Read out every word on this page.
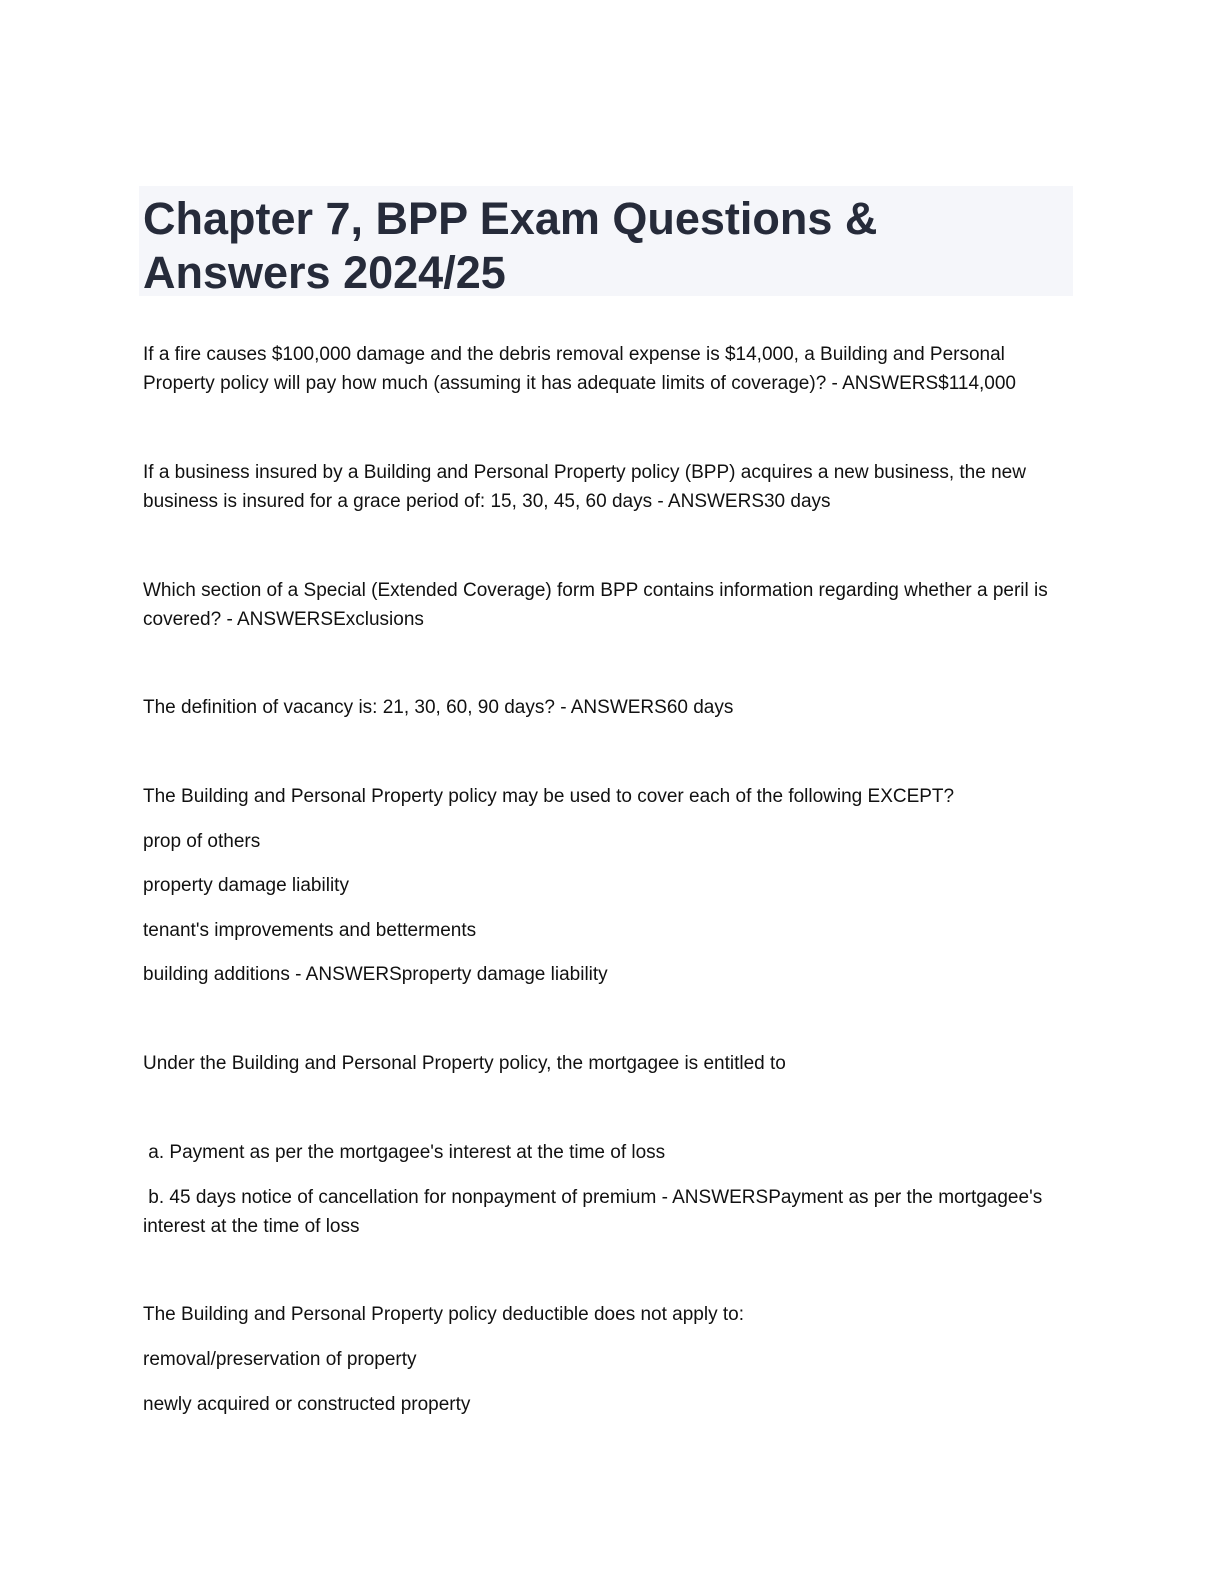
Chapter 7, BPP Exam Questions & Answers 2024/25
If a fire causes $100,000 damage and the debris removal expense is $14,000, a Building and Personal Property policy will pay how much (assuming it has adequate limits of coverage)? - ANSWERS$114,000
If a business insured by a Building and Personal Property policy (BPP) acquires a new business, the new business is insured for a grace period of: 15, 30, 45, 60 days - ANSWERS30 days
Which section of a Special (Extended Coverage) form BPP contains information regarding whether a peril is covered? - ANSWERSExclusions
The definition of vacancy is: 21, 30, 60, 90 days? - ANSWERS60 days
The Building and Personal Property policy may be used to cover each of the following EXCEPT?
prop of others
property damage liability
tenant's improvements and betterments
building additions - ANSWERSproperty damage liability
Under the Building and Personal Property policy, the mortgagee is entitled to
a. Payment as per the mortgagee's interest at the time of loss
b. 45 days notice of cancellation for nonpayment of premium - ANSWERSPayment as per the mortgagee's interest at the time of loss
The Building and Personal Property policy deductible does not apply to:
removal/preservation of property
newly acquired or constructed property
